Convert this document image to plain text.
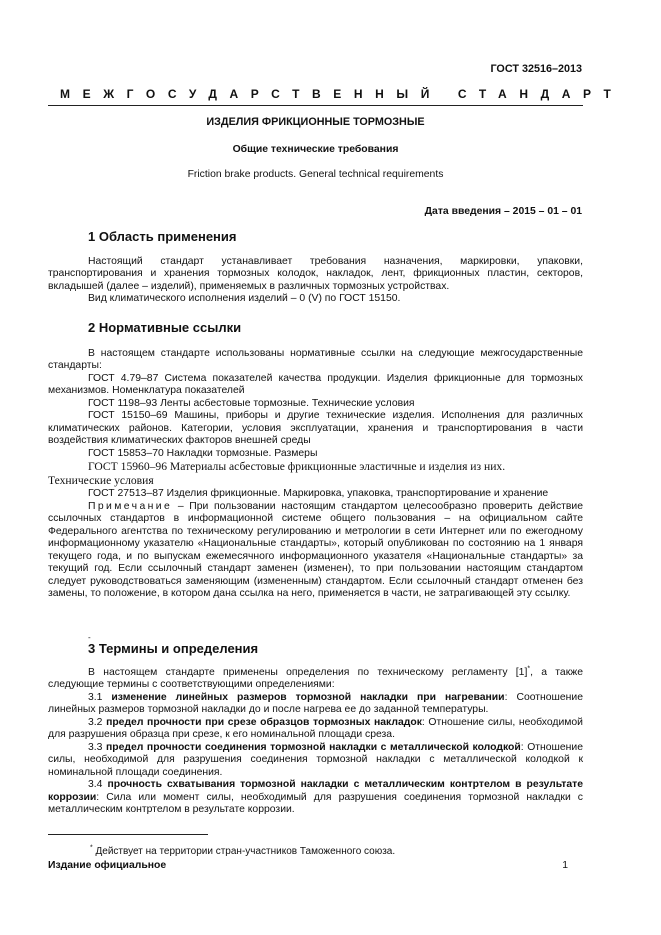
ГОСТ 32516–2013
МЕЖГОСУДАРСТВЕННЫЙ СТАНДАРТ
ИЗДЕЛИЯ ФРИКЦИОННЫЕ ТОРМОЗНЫЕ
Общие технические требования
Friction brake products. General technical requirements
Дата введения – 2015 – 01 – 01
1 Область применения

Настоящий стандарт устанавливает требования назначения, маркировки, упаковки, транспортирования и хранения тормозных колодок, накладок, лент, фрикционных пластин, секторов, вкладышей (далее – изделий), применяемых в различных тормозных устройствах.

Вид климатического исполнения изделий – 0 (V) по ГОСТ 15150.

2 Нормативные ссылки

В настоящем стандарте использованы нормативные ссылки на следующие межгосударственные стандарты:

ГОСТ 4.79–87 Система показателей качества продукции. Изделия фрикционные для тормозных механизмов. Номенклатура показателей

ГОСТ 1198–93 Ленты асбестовые тормозные. Технические условия

ГОСТ 15150–69 Машины, приборы и другие технические изделия. Исполнения для различных климатических районов. Категории, условия эксплуатации, хранения и транспортирования в части воздействия климатических факторов внешней среды

ГОСТ 15853–70 Накладки тормозные. Размеры

ГОСТ 15960–96 Материалы асбестовые фрикционные эластичные и изделия из них.

Технические условия

ГОСТ 27513–87 Изделия фрикционные. Маркировка, упаковка, транспортирование и хранение

Примечание – При пользовании настоящим стандартом целесообразно проверить действие ссылочных стандартов в информационной системе общего пользования – на официальном сайте Федерального агентства по техническому регулированию и метрологии в сети Интернет или по ежегодному информационному указателю «Национальные стандарты», который опубликован по состоянию на 1 января текущего года, и по выпускам ежемесячного информационного указателя «Национальные стандарты» за текущий год. Если ссылочный стандарт заменен (изменен), то при пользовании настоящим стандартом следует руководствоваться заменяющим (измененным) стандартом. Если ссылочный стандарт отменен без замены, то положение, в котором дана ссылка на него, применяется в части, не затрагивающей эту ссылку.

-
3 Термины и определения

В настоящем стандарте применены определения по техническому регламенту [1]*, а также следующие термины с соответствующими определениями:

3.1 изменение линейных размеров тормозной накладки при нагревании: Соотношение линейных размеров тормозной накладки до и после нагрева ее до заданной температуры.

3.2 предел прочности при срезе образцов тормозных накладок: Отношение силы, необходимой для разрушения образца при срезе, к его номинальной площади среза.

3.3 предел прочности соединения тормозной накладки с металлической колодкой: Отношение силы, необходимой для разрушения соединения тормозной накладки с металлической колодкой к номинальной площади соединения.

3.4 прочность схватывания тормозной накладки с металлическим контртелом в результате коррозии: Сила или момент силы, необходимый для разрушения соединения тормозной накладки с металлическим контртелом в результате коррозии.

* Действует на территории стран-участников Таможенного союза.
Издание официальное	1
